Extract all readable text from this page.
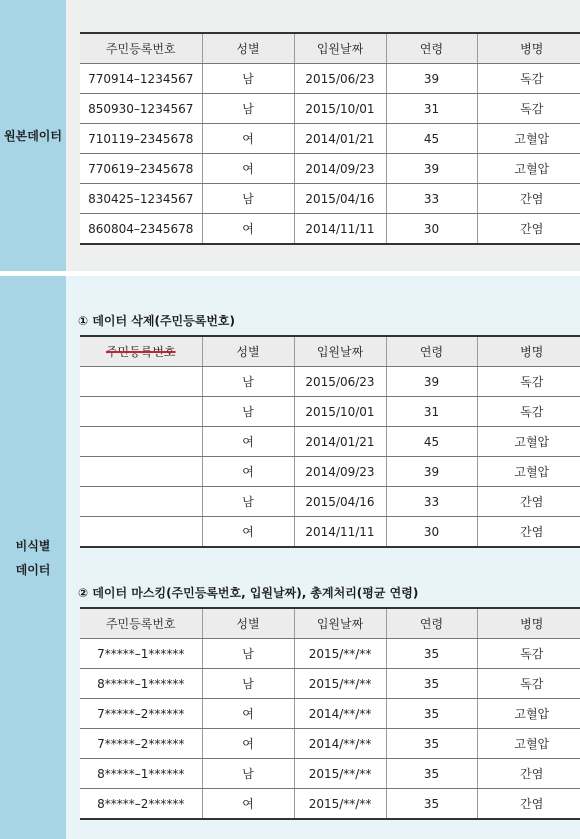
원본데이터
주민등록번호	성별	입원날짜	연령	병명
770914–1234567	남	2015/06/23	39	독감
850930–1234567	남	2015/10/01	31	독감
710119–2345678	여	2014/01/21	45	고혈압
770619–2345678	여	2014/09/23	39	고혈압
830425–1234567	남	2015/04/16	33	간염
860804–2345678	여	2014/11/11	30	간염
비식별
데이터
① 데이터 삭제(주민등록번호)
주민등록번호	성별	입원날짜	연령	병명
	남	2015/06/23	39	독감
	남	2015/10/01	31	독감
	여	2014/01/21	45	고혈압
	여	2014/09/23	39	고혈압
	남	2015/04/16	33	간염
	여	2014/11/11	30	간염
② 데이터 마스킹(주민등록번호, 입원날짜), 총계처리(평균 연령)
주민등록번호	성별	입원날짜	연령	병명
7*****–1******	남	2015/**/**	35	독감
8*****–1******	남	2015/**/**	35	독감
7*****–2******	여	2014/**/**	35	고혈압
7*****–2******	여	2014/**/**	35	고혈압
8*****–1******	남	2015/**/**	35	간염
8*****–2******	여	2015/**/**	35	간염
